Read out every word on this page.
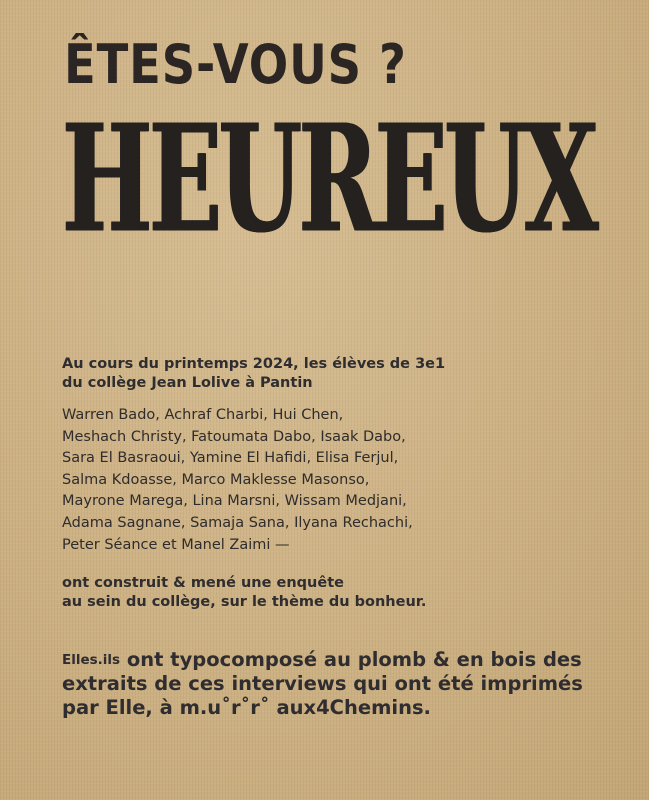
ÊTES-VOUS ?
HEUREUX
Au cours du printemps 2024, les élèves de 3e1
du collège Jean Lolive à Pantin
Warren Bado, Achraf Charbi, Hui Chen,
Meshach Christy, Fatoumata Dabo, Isaak Dabo,
Sara El Basraoui, Yamine El Hafidi, Elisa Ferjul,
Salma Kdoasse, Marco Maklesse Masonso,
Mayrone Marega, Lina Marsni, Wissam Medjani,
Adama Sagnane, Samaja Sana, Ilyana Rechachi,
Peter Séance et Manel Zaimi —
ont construit & mené une enquête
au sein du collège, sur le thème du bonheur.
Elles.ils ont typocomposé au plomb & en bois des extraits de ces interviews qui ont été imprimés par Elle, à m.u˚r˚r˚ aux4Chemins.
